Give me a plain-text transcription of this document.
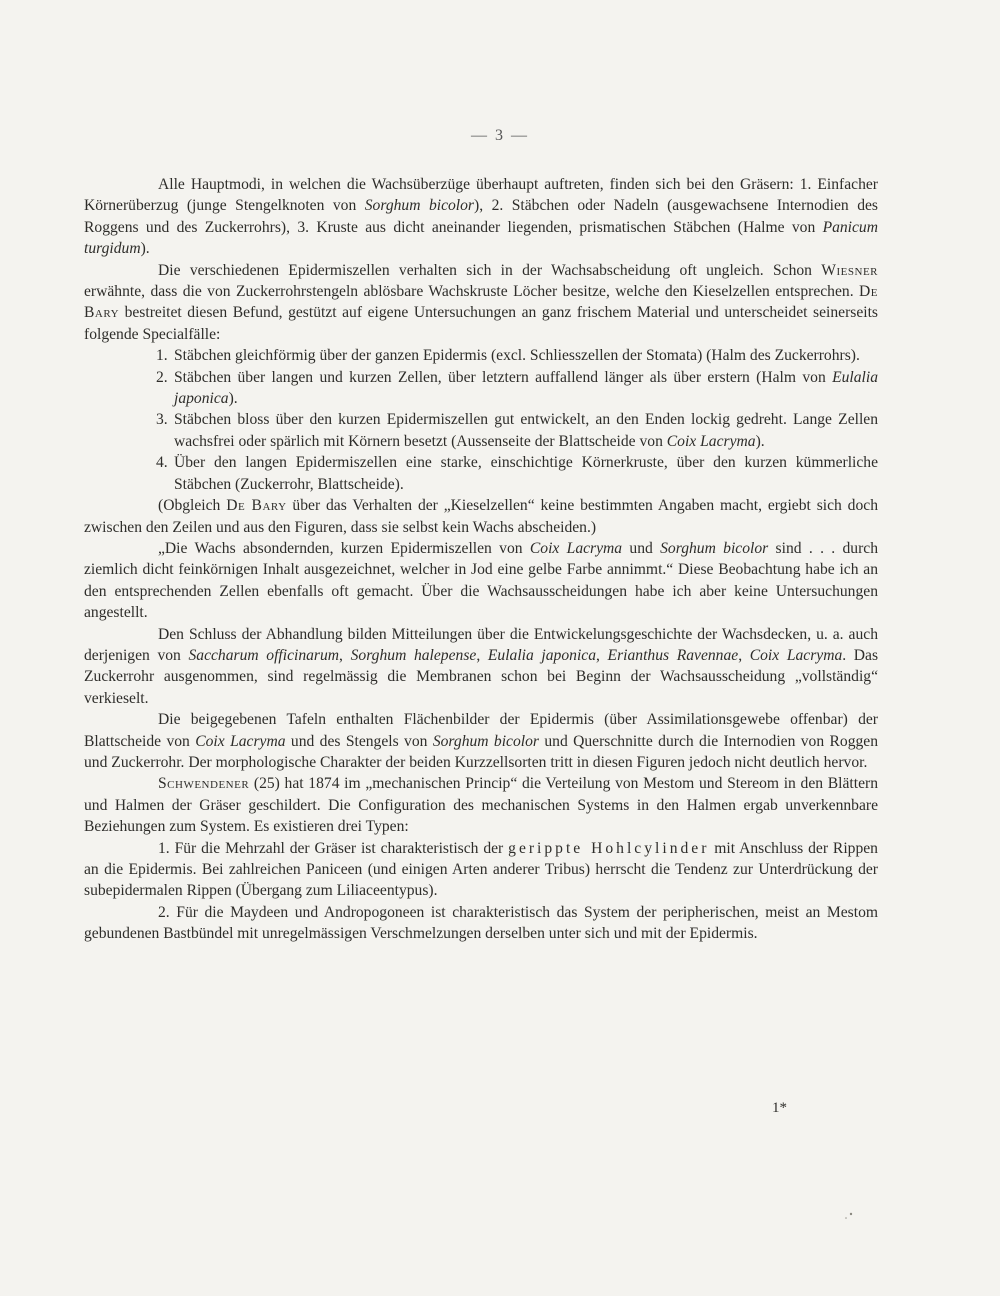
— 3 —

Alle Hauptmodi, in welchen die Wachsüberzüge überhaupt auftreten, finden sich bei den Gräsern: 1. Einfacher Körnerüberzug (junge Stengelknoten von Sorghum bicolor), 2. Stäbchen oder Nadeln (ausgewachsene Internodien des Roggens und des Zuckerrohrs), 3. Kruste aus dicht aneinander liegenden, prismatischen Stäbchen (Halme von Panicum turgidum).

Die verschiedenen Epidermiszellen verhalten sich in der Wachsabscheidung oft ungleich. Schon Wiesner erwähnte, dass die von Zuckerrohrstengeln ablösbare Wachskruste Löcher besitze, welche den Kieselzellen entsprechen. De Bary bestreitet diesen Befund, gestützt auf eigene Untersuchungen an ganz frischem Material und unterscheidet seinerseits folgende Specialfälle:

1. Stäbchen gleichförmig über der ganzen Epidermis (excl. Schliesszellen der Stomata) (Halm des Zuckerrohrs).

2. Stäbchen über langen und kurzen Zellen, über letztern auffallend länger als über erstern (Halm von Eulalia japonica).

3. Stäbchen bloss über den kurzen Epidermiszellen gut entwickelt, an den Enden lockig gedreht. Lange Zellen wachsfrei oder spärlich mit Körnern besetzt (Aussenseite der Blattscheide von Coix Lacryma).

4. Über den langen Epidermiszellen eine starke, einschichtige Körnerkruste, über den kurzen kümmerliche Stäbchen (Zuckerrohr, Blattscheide).

(Obgleich De Bary über das Verhalten der „Kieselzellen“ keine bestimmten Angaben macht, ergiebt sich doch zwischen den Zeilen und aus den Figuren, dass sie selbst kein Wachs abscheiden.)

„Die Wachs absondernden, kurzen Epidermiszellen von Coix Lacryma und Sorghum bicolor sind . . . durch ziemlich dicht feinkörnigen Inhalt ausgezeichnet, welcher in Jod eine gelbe Farbe annimmt.“ Diese Beobachtung habe ich an den entsprechenden Zellen ebenfalls oft gemacht. Über die Wachsausscheidungen habe ich aber keine Untersuchungen angestellt.

Den Schluss der Abhandlung bilden Mitteilungen über die Entwickelungsgeschichte der Wachsdecken, u. a. auch derjenigen von Saccharum officinarum, Sorghum halepense, Eulalia japonica, Erianthus Ravennae, Coix Lacryma. Das Zuckerrohr ausgenommen, sind regelmässig die Membranen schon bei Beginn der Wachsausscheidung „vollständig“ verkieselt.

Die beigegebenen Tafeln enthalten Flächenbilder der Epidermis (über Assimilationsgewebe offenbar) der Blattscheide von Coix Lacryma und des Stengels von Sorghum bicolor und Querschnitte durch die Internodien von Roggen und Zuckerrohr. Der morphologische Charakter der beiden Kurzzellsorten tritt in diesen Figuren jedoch nicht deutlich hervor.

Schwendener (25) hat 1874 im „mechanischen Princip“ die Verteilung von Mestom und Stereom in den Blättern und Halmen der Gräser geschildert. Die Configuration des mechanischen Systems in den Halmen ergab unverkennbare Beziehungen zum System. Es existieren drei Typen:

1. Für die Mehrzahl der Gräser ist charakteristisch der gerippte Hohlcylinder mit Anschluss der Rippen an die Epidermis. Bei zahlreichen Paniceen (und einigen Arten anderer Tribus) herrscht die Tendenz zur Unterdrückung der subepidermalen Rippen (Übergang zum Liliaceentypus).

2. Für die Maydeen und Andropogoneen ist charakteristisch das System der peripherischen, meist an Mestom gebundenen Bastbündel mit unregelmässigen Verschmelzungen derselben unter sich und mit der Epidermis.

1*
